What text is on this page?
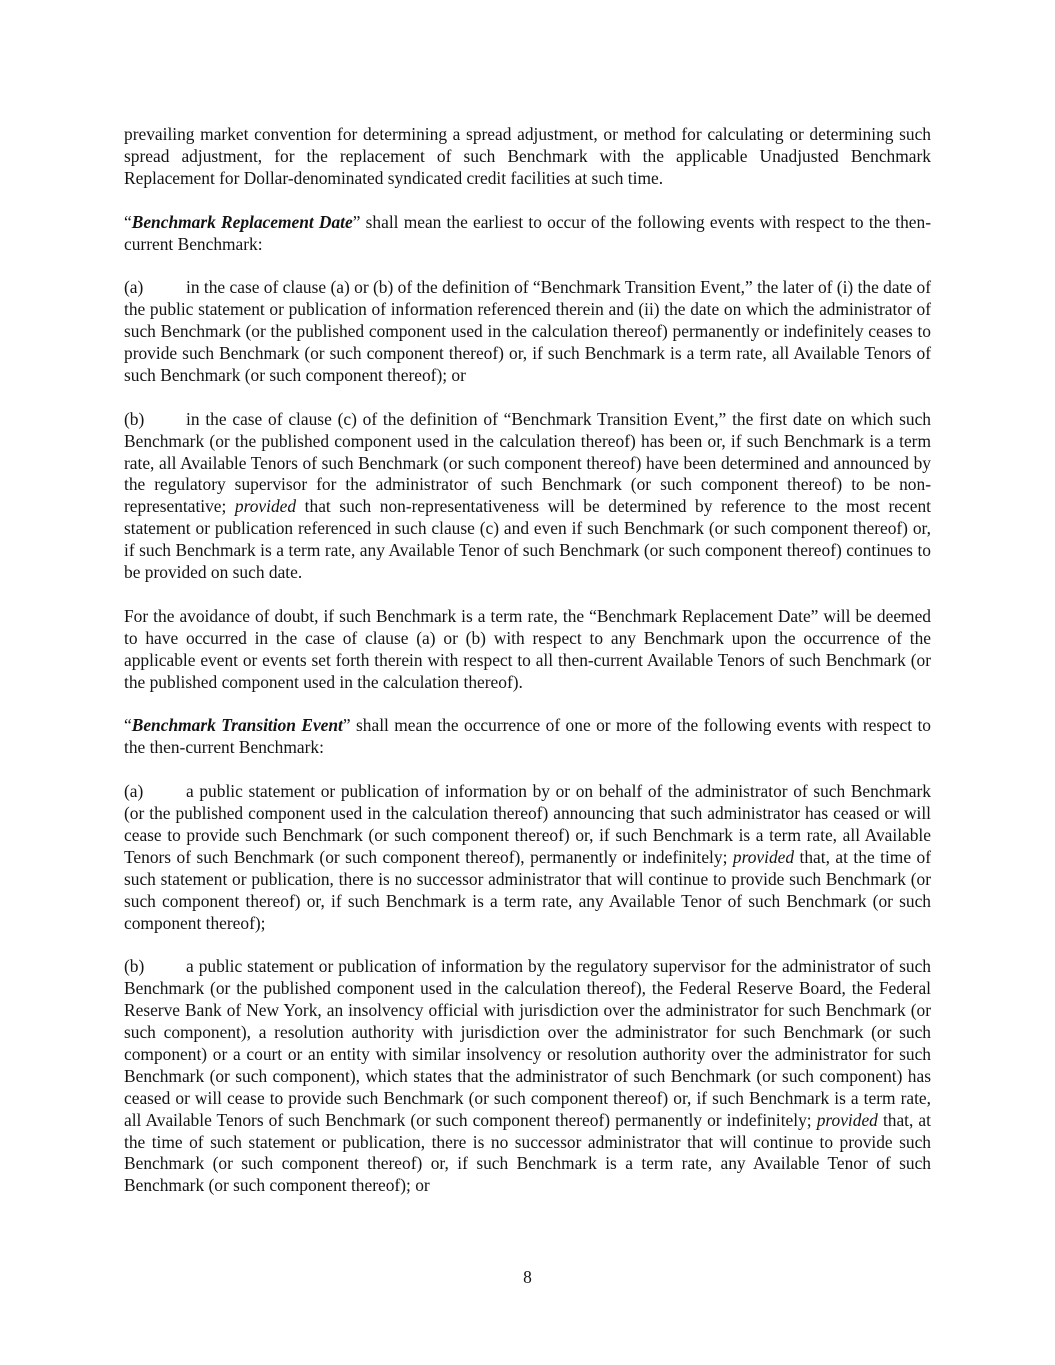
prevailing market convention for determining a spread adjustment, or method for calculating or determining such spread adjustment, for the replacement of such Benchmark with the applicable Unadjusted Benchmark Replacement for Dollar-denominated syndicated credit facilities at such time.

“Benchmark Replacement Date” shall mean the earliest to occur of the following events with respect to the then-current Benchmark:

(a) in the case of clause (a) or (b) of the definition of “Benchmark Transition Event,” the later of (i) the date of the public statement or publication of information referenced therein and (ii) the date on which the administrator of such Benchmark (or the published component used in the calculation thereof) permanently or indefinitely ceases to provide such Benchmark (or such component thereof) or, if such Benchmark is a term rate, all Available Tenors of such Benchmark (or such component thereof); or

(b) in the case of clause (c) of the definition of “Benchmark Transition Event,” the first date on which such Benchmark (or the published component used in the calculation thereof) has been or, if such Benchmark is a term rate, all Available Tenors of such Benchmark (or such component thereof) have been determined and announced by the regulatory supervisor for the administrator of such Benchmark (or such component thereof) to be non-representative; provided that such non-representativeness will be determined by reference to the most recent statement or publication referenced in such clause (c) and even if such Benchmark (or such component thereof) or, if such Benchmark is a term rate, any Available Tenor of such Benchmark (or such component thereof) continues to be provided on such date.

For the avoidance of doubt, if such Benchmark is a term rate, the “Benchmark Replacement Date” will be deemed to have occurred in the case of clause (a) or (b) with respect to any Benchmark upon the occurrence of the applicable event or events set forth therein with respect to all then-current Available Tenors of such Benchmark (or the published component used in the calculation thereof).

“Benchmark Transition Event” shall mean the occurrence of one or more of the following events with respect to the then-current Benchmark:

(a) a public statement or publication of information by or on behalf of the administrator of such Benchmark (or the published component used in the calculation thereof) announcing that such administrator has ceased or will cease to provide such Benchmark (or such component thereof) or, if such Benchmark is a term rate, all Available Tenors of such Benchmark (or such component thereof), permanently or indefinitely; provided that, at the time of such statement or publication, there is no successor administrator that will continue to provide such Benchmark (or such component thereof) or, if such Benchmark is a term rate, any Available Tenor of such Benchmark (or such component thereof);

(b) a public statement or publication of information by the regulatory supervisor for the administrator of such Benchmark (or the published component used in the calculation thereof), the Federal Reserve Board, the Federal Reserve Bank of New York, an insolvency official with jurisdiction over the administrator for such Benchmark (or such component), a resolution authority with jurisdiction over the administrator for such Benchmark (or such component) or a court or an entity with similar insolvency or resolution authority over the administrator for such Benchmark (or such component), which states that the administrator of such Benchmark (or such component) has ceased or will cease to provide such Benchmark (or such component thereof) or, if such Benchmark is a term rate, all Available Tenors of such Benchmark (or such component thereof) permanently or indefinitely; provided that, at the time of such statement or publication, there is no successor administrator that will continue to provide such Benchmark (or such component thereof) or, if such Benchmark is a term rate, any Available Tenor of such Benchmark (or such component thereof); or

8
